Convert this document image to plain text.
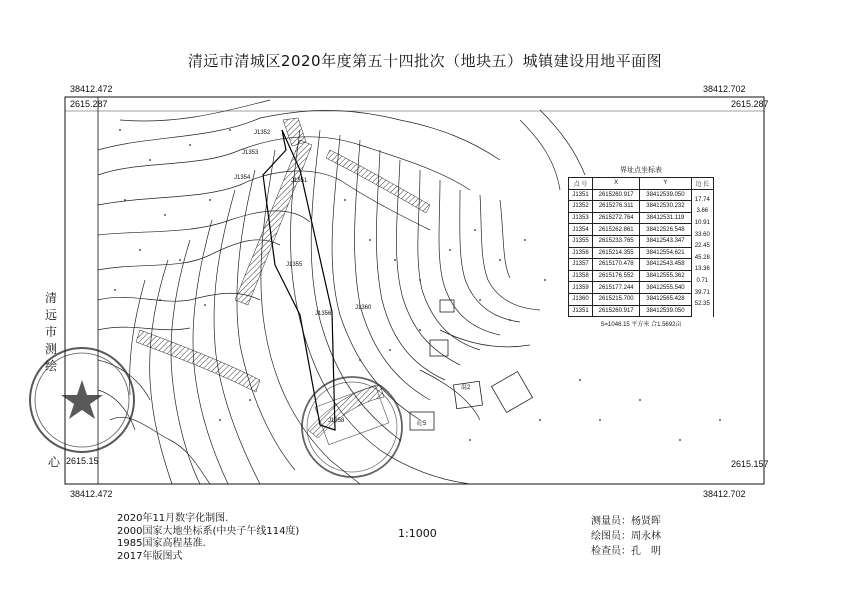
清远市清城区2020年度第五十四批次（地块五）城镇建设用地平面图
38412.472
2615.287
38412.702
2615.287
2615.15
38412.472
2615.157
38412.702
J1352
J1353
J1354	J1351
J1355
J1356
J1360
J1358
混2
砼5
清远市测绘
心
界址点坐标表
点 号	X	Y	边 长
J1351	2615260.917	38412539.050	17.74
J1352	2615276.311	38412530.232	3.66
J1353	2615272.764	38412531.119	10.91
J1354	2615262.861	38412526.548	33.60
J1355	2615233.765	38412543.347	22.45
J1356	2615214.355	38412554.621	45.28
J1357	2615170.478	38412543.458	13.36
J1358	2615176.552	38412555.362	0.71
J1359	2615177.244	38412555.540	39.71
J1360	2615215.700	38412565.428	52.35
J1351	2615260.917	38412539.050	
S=1046.15 平方米 合1.5692亩
2020年11月数字化制图.
2000国家大地坐标系(中央子午线114度)
1985国家高程基准.
2017年版图式
1:1000
测量员：杨贤晖
绘图员：周永林
检查员：孔　明
